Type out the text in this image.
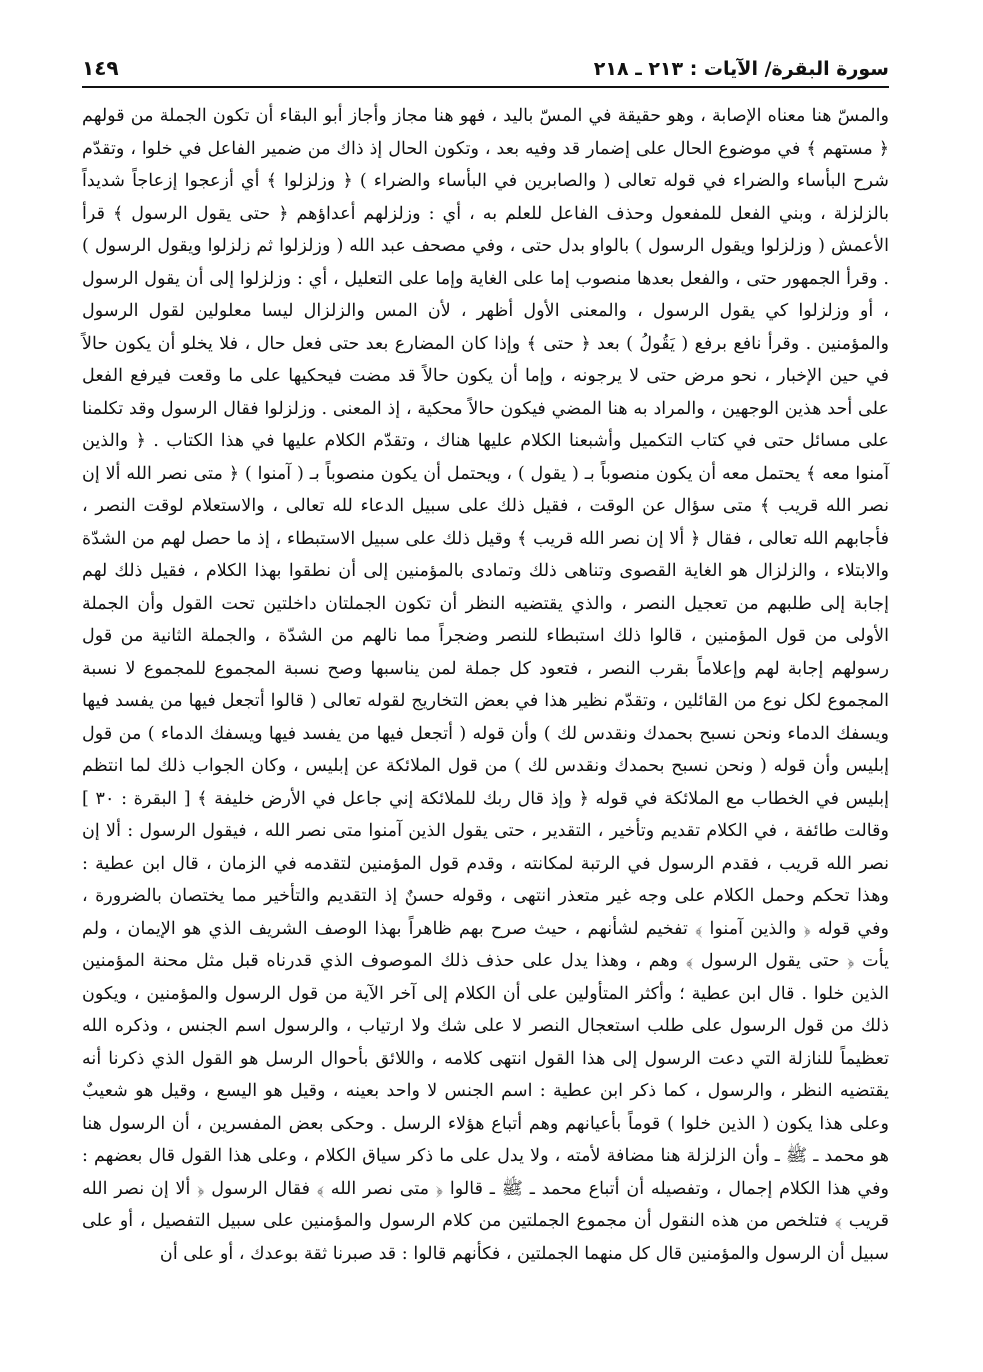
سورة البقرة/ الآيات : ٢١٣ ـ ٢١٨
١٤٩

والمسّ هنا معناه الإصابة ، وهو حقيقة في المسّ باليد ، فهو هنا مجاز وأجاز أبو البقاء أن تكون الجملة من قولهم ﴿ مستهم ﴾ في موضوع الحال على إضمار قد وفيه بعد ، وتكون الحال إذ ذاك من ضمير الفاعل في خلوا ، وتقدّم شرح البأساء والضراء في قوله تعالى ( والصابرين في البأساء والضراء ) ﴿ وزلزلوا ﴾ أي أزعجوا إزعاجاً شديداً بالزلزلة ، وبني الفعل للمفعول وحذف الفاعل للعلم به ، أي : وزلزلهم أعداؤهم ﴿ حتى يقول الرسول ﴾ قرأ الأعمش ( وزلزلوا ويقول الرسول ) بالواو بدل حتى ، وفي مصحف عبد الله ( وزلزلوا ثم زلزلوا ويقول الرسول ) . وقرأ الجمهور حتى ، والفعل بعدها منصوب إما على الغاية وإما على التعليل ، أي : وزلزلوا إلى أن يقول الرسول ، أو وزلزلوا كي يقول الرسول ، والمعنى الأول أظهر ، لأن المس والزلزال ليسا معلولين لقول الرسول والمؤمنين . وقرأ نافع برفع ( يَقُولُ ) بعد ﴿ حتى ﴾ وإذا كان المضارع بعد حتى فعل حال ، فلا يخلو أن يكون حالاً في حين الإخبار ، نحو مرض حتى لا يرجونه ، وإما أن يكون حالاً قد مضت فيحكيها على ما وقعت فيرفع الفعل على أحد هذين الوجهين ، والمراد به هنا المضي فيكون حالاً محكية ، إذ المعنى . وزلزلوا فقال الرسول وقد تكلمنا على مسائل حتى في كتاب التكميل وأشبعنا الكلام عليها هناك ، وتقدّم الكلام عليها في هذا الكتاب . ﴿ والذين آمنوا معه ﴾ يحتمل معه أن يكون منصوباً بـ ( يقول ) ، ويحتمل أن يكون منصوباً بـ ( آمنوا ) ﴿ متى نصر الله ألا إن نصر الله قريب ﴾ متى سؤال عن الوقت ، فقيل ذلك على سبيل الدعاء لله تعالى ، والاستعلام لوقت النصر ، فأجابهم الله تعالى ، فقال ﴿ ألا إن نصر الله قريب ﴾ وقيل ذلك على سبيل الاستبطاء ، إذ ما حصل لهم من الشدّة والابتلاء ، والزلزال هو الغاية القصوى وتناهى ذلك وتمادى بالمؤمنين إلى أن نطقوا بهذا الكلام ، فقيل ذلك لهم إجابة إلى طلبهم من تعجيل النصر ، والذي يقتضيه النظر أن تكون الجملتان داخلتين تحت القول وأن الجملة الأولى من قول المؤمنين ، قالوا ذلك استبطاء للنصر وضجراً مما نالهم من الشدّة ، والجملة الثانية من قول رسولهم إجابة لهم وإعلاماً بقرب النصر ، فتعود كل جملة لمن يناسبها وصح نسبة المجموع للمجموع لا نسبة المجموع لكل نوع من القائلين ، وتقدّم نظير هذا في بعض التخاريج لقوله تعالى ( قالوا أتجعل فيها من يفسد فيها ويسفك الدماء ونحن نسبح بحمدك ونقدس لك ) وأن قوله ( أتجعل فيها من يفسد فيها ويسفك الدماء ) من قول إبليس وأن قوله ( ونحن نسبح بحمدك ونقدس لك ) من قول الملائكة عن إبليس ، وكان الجواب ذلك لما انتظم إبليس في الخطاب مع الملائكة في قوله ﴿ وإذ قال ربك للملائكة إني جاعل في الأرض خليفة ﴾ [ البقرة : ٣٠ ] وقالت طائفة ، في الكلام تقديم وتأخير ، التقدير ، حتى يقول الذين آمنوا متى نصر الله ، فيقول الرسول : ألا إن نصر الله قريب ، فقدم الرسول في الرتبة لمكانته ، وقدم قول المؤمنين لتقدمه في الزمان ، قال ابن عطية : وهذا تحكم وحمل الكلام على وجه غير متعذر انتهى ، وقوله حسنٌ إذ التقديم والتأخير مما يختصان بالضرورة ، وفي قوله ﴿ والذين آمنوا ﴾ تفخيم لشأنهم ، حيث صرح بهم ظاهراً بهذا الوصف الشريف الذي هو الإيمان ، ولم يأت ﴿ حتى يقول الرسول ﴾ وهم ، وهذا يدل على حذف ذلك الموصوف الذي قدرناه قبل مثل محنة المؤمنين الذين خلوا . قال ابن عطية ؛ وأكثر المتأولين على أن الكلام إلى آخر الآية من قول الرسول والمؤمنين ، ويكون ذلك من قول الرسول على طلب استعجال النصر لا على شك ولا ارتياب ، والرسول اسم الجنس ، وذكره الله تعظيماً للنازلة التي دعت الرسول إلى هذا القول انتهى كلامه ، واللائق بأحوال الرسل هو القول الذي ذكرنا أنه يقتضيه النظر ، والرسول ، كما ذكر ابن عطية : اسم الجنس لا واحد بعينه ، وقيل هو اليسع ، وقيل هو شعيبٌ وعلى هذا يكون ( الذين خلوا ) قوماً بأعيانهم وهم أتباع هؤلاء الرسل . وحكى بعض المفسرين ، أن الرسول هنا هو محمد ـ ﷺ ـ وأن الزلزلة هنا مضافة لأمته ، ولا يدل على ما ذكر سياق الكلام ، وعلى هذا القول قال بعضهم : وفي هذا الكلام إجمال ، وتفصيله أن أتباع محمد ـ ﷺ ـ قالوا ﴿ متى نصر الله ﴾ فقال الرسول ﴿ ألا إن نصر الله قريب ﴾ فتلخص من هذه النقول أن مجموع الجملتين من كلام الرسول والمؤمنين على سبيل التفصيل ، أو على سبيل أن الرسول والمؤمنين قال كل منهما الجملتين ، فكأنهم قالوا : قد صبرنا ثقة بوعدك ، أو على أن
